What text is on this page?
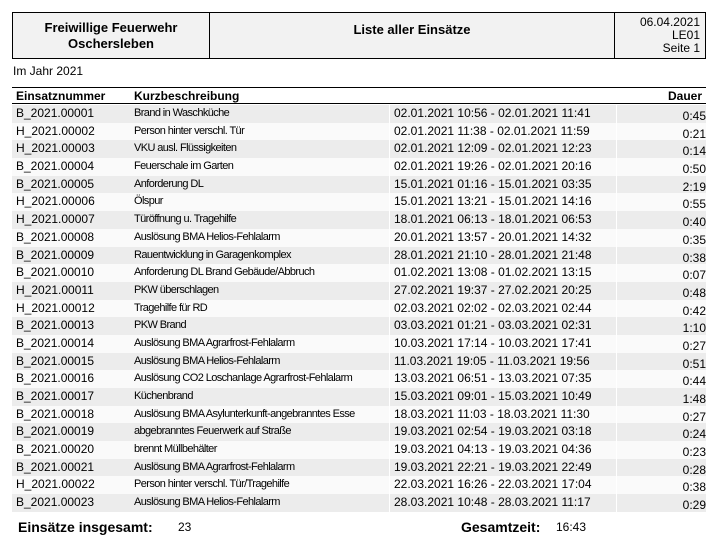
Freiwillige Feuerwehr
Oschersleben
Liste aller Einsätze	06.04.2021
LE01
Seite 1
Im Jahr 2021
Einsatznummer Kurzbeschreibung	Dauer
B_2021.00001	Brand in Waschküche	02.01.2021 10:56 - 02.01.2021 11:41	0:45
H_2021.00002	Person hinter verschl. Tür	02.01.2021 11:38 - 02.01.2021 11:59	0:21
H_2021.00003	VKU ausl. Flüssigkeiten	02.01.2021 12:09 - 02.01.2021 12:23	0:14
B_2021.00004	Feuerschale im Garten	02.01.2021 19:26 - 02.01.2021 20:16	0:50
B_2021.00005	Anforderung DL	15.01.2021 01:16 - 15.01.2021 03:35	2:19
H_2021.00006	Ölspur	15.01.2021 13:21 - 15.01.2021 14:16	0:55
H_2021.00007	Türöffnung u. Tragehilfe	18.01.2021 06:13 - 18.01.2021 06:53	0:40
B_2021.00008	Auslösung BMA Helios-Fehlalarm	20.01.2021 13:57 - 20.01.2021 14:32	0:35
B_2021.00009	Rauentwicklung in Garagenkomplex	28.01.2021 21:10 - 28.01.2021 21:48	0:38
B_2021.00010	Anforderung DL Brand Gebäude/Abbruch	01.02.2021 13:08 - 01.02.2021 13:15	0:07
H_2021.00011	PKW überschlagen	27.02.2021 19:37 - 27.02.2021 20:25	0:48
H_2021.00012	Tragehilfe für RD	02.03.2021 02:02 - 02.03.2021 02:44	0:42
B_2021.00013	PKW Brand	03.03.2021 01:21 - 03.03.2021 02:31	1:10
B_2021.00014	Auslösung BMA Agrarfrost-Fehlalarm	10.03.2021 17:14 - 10.03.2021 17:41	0:27
B_2021.00015	Auslösung BMA Helios-Fehlalarm	11.03.2021 19:05 - 11.03.2021 19:56	0:51
B_2021.00016	Auslösung CO2 Loschanlage Agrarfrost-Fehlalarm	13.03.2021 06:51 - 13.03.2021 07:35	0:44
B_2021.00017	Küchenbrand	15.03.2021 09:01 - 15.03.2021 10:49	1:48
B_2021.00018	Auslösung BMA Asylunterkunft-angebranntes Esse	18.03.2021 11:03 - 18.03.2021 11:30	0:27
B_2021.00019	abgebranntes Feuerwerk auf Straße	19.03.2021 02:54 - 19.03.2021 03:18	0:24
B_2021.00020	brennt Müllbehälter	19.03.2021 04:13 - 19.03.2021 04:36	0:23
B_2021.00021	Auslösung BMA Agrarfrost-Fehlalarm	19.03.2021 22:21 - 19.03.2021 22:49	0:28
H_2021.00022	Person hinter verschl. Tür/Tragehilfe	22.03.2021 16:26 - 22.03.2021 17:04	0:38
B_2021.00023	Auslösung BMA Helios-Fehlalarm	28.03.2021 10:48 - 28.03.2021 11:17	0:29
Einsätze insgesamt: 23	Gesamtzeit: 16:43
